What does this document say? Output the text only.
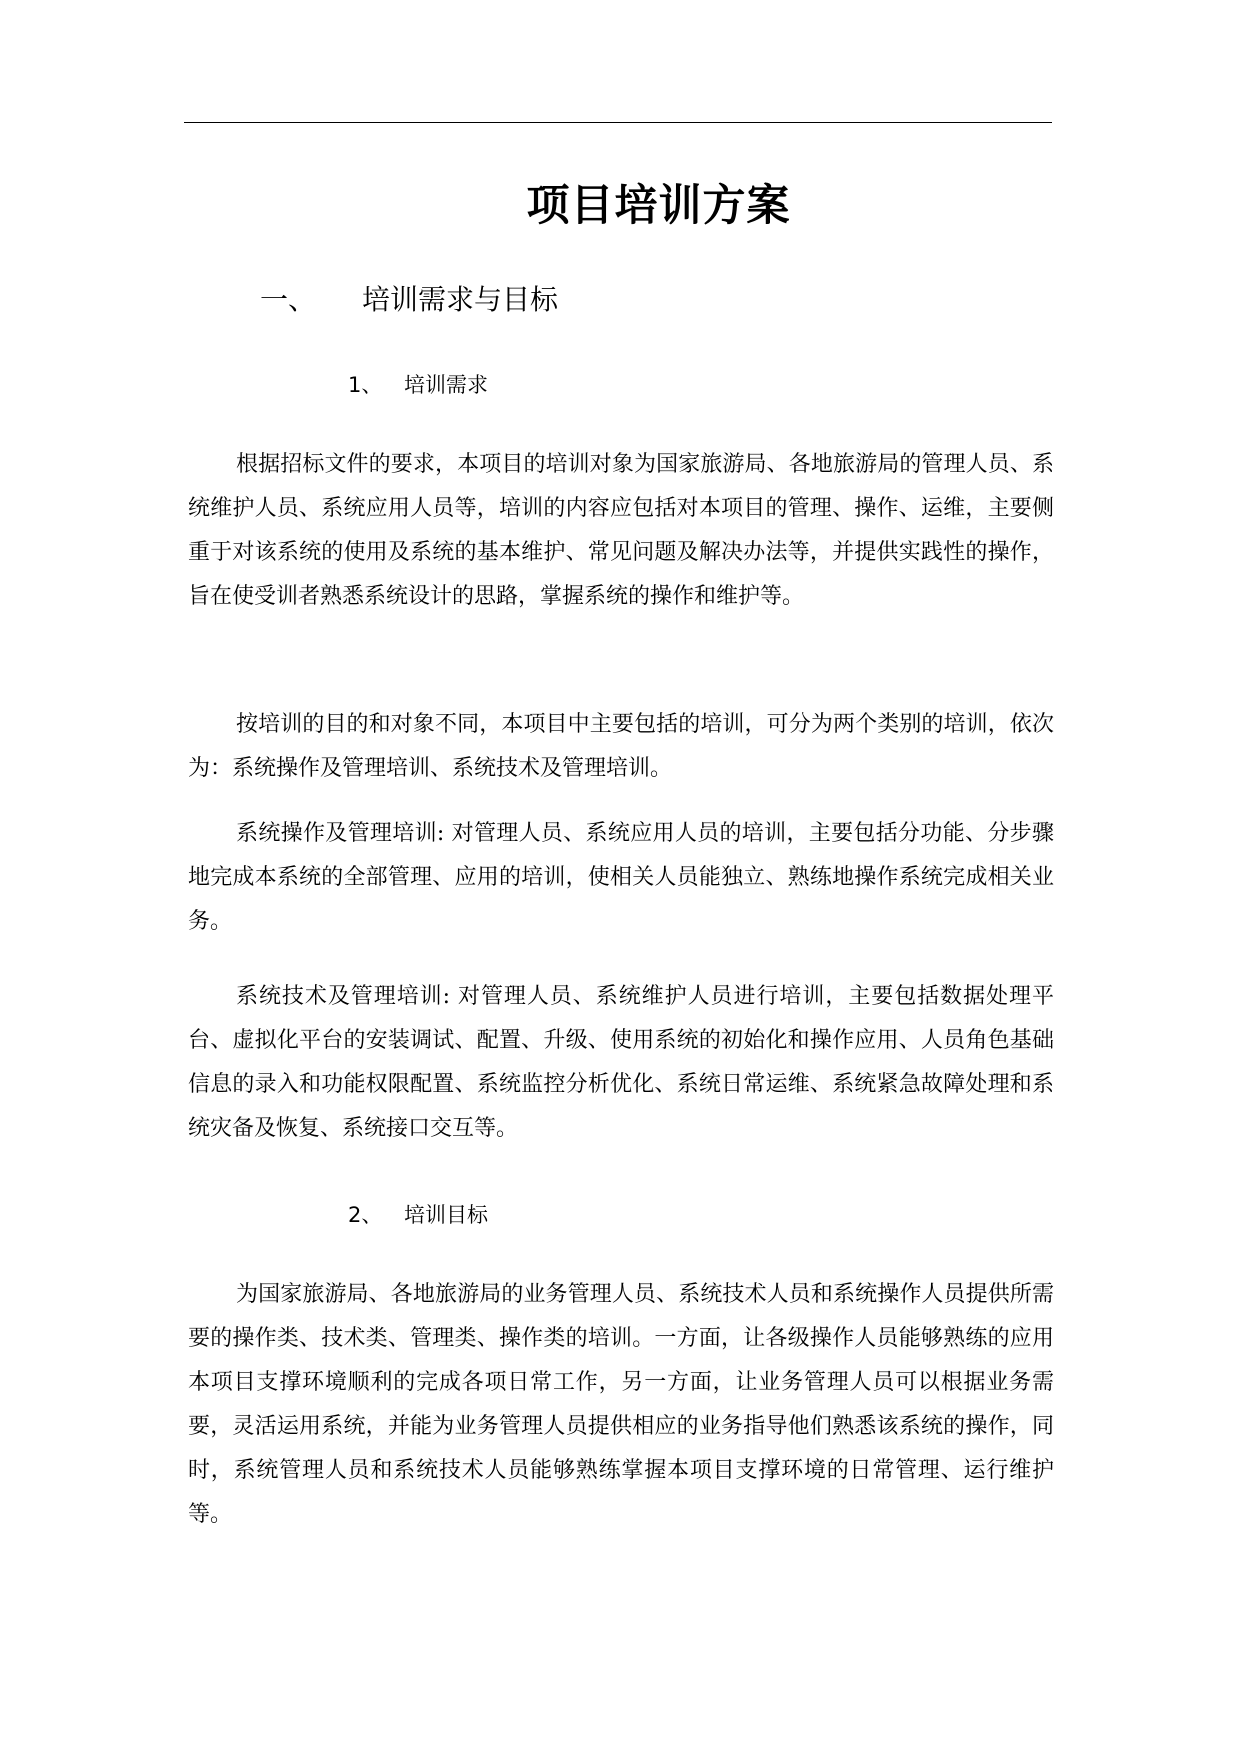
项目培训方案
一、 培训需求与目标
1、 培训需求

根据招标文件的要求，本项目的培训对象为国家旅游局、各地旅游局的管理人员、系统维护人员、系统应用人员等，培训的内容应包括对本项目的管理、操作、运维，主要侧重于对该系统的使用及系统的基本维护、常见问题及解决办法等，并提供实践性的操作，旨在使受训者熟悉系统设计的思路，掌握系统的操作和维护等。

按培训的目的和对象不同，本项目中主要包括的培训，可分为两个类别的培训，依次为：系统操作及管理培训、系统技术及管理培训。

系统操作及管理培训: 对管理人员、系统应用人员的培训，主要包括分功能、分步骤地完成本系统的全部管理、应用的培训，使相关人员能独立、熟练地操作系统完成相关业务。

系统技术及管理培训: 对管理人员、系统维护人员进行培训，主要包括数据处理平台、虚拟化平台的安装调试、配置、升级、使用系统的初始化和操作应用、人员角色基础信息的录入和功能权限配置、系统监控分析优化、系统日常运维、系统紧急故障处理和系统灾备及恢复、系统接口交互等。

2、 培训目标

为国家旅游局、各地旅游局的业务管理人员、系统技术人员和系统操作人员提供所需要的操作类、技术类、管理类、操作类的培训。一方面，让各级操作人员能够熟练的应用本项目支撑环境顺利的完成各项日常工作，另一方面，让业务管理人员可以根据业务需要，灵活运用系统，并能为业务管理人员提供相应的业务指导他们熟悉该系统的操作，同时，系统管理人员和系统技术人员能够熟练掌握本项目支撑环境的日常管理、运行维护等。
